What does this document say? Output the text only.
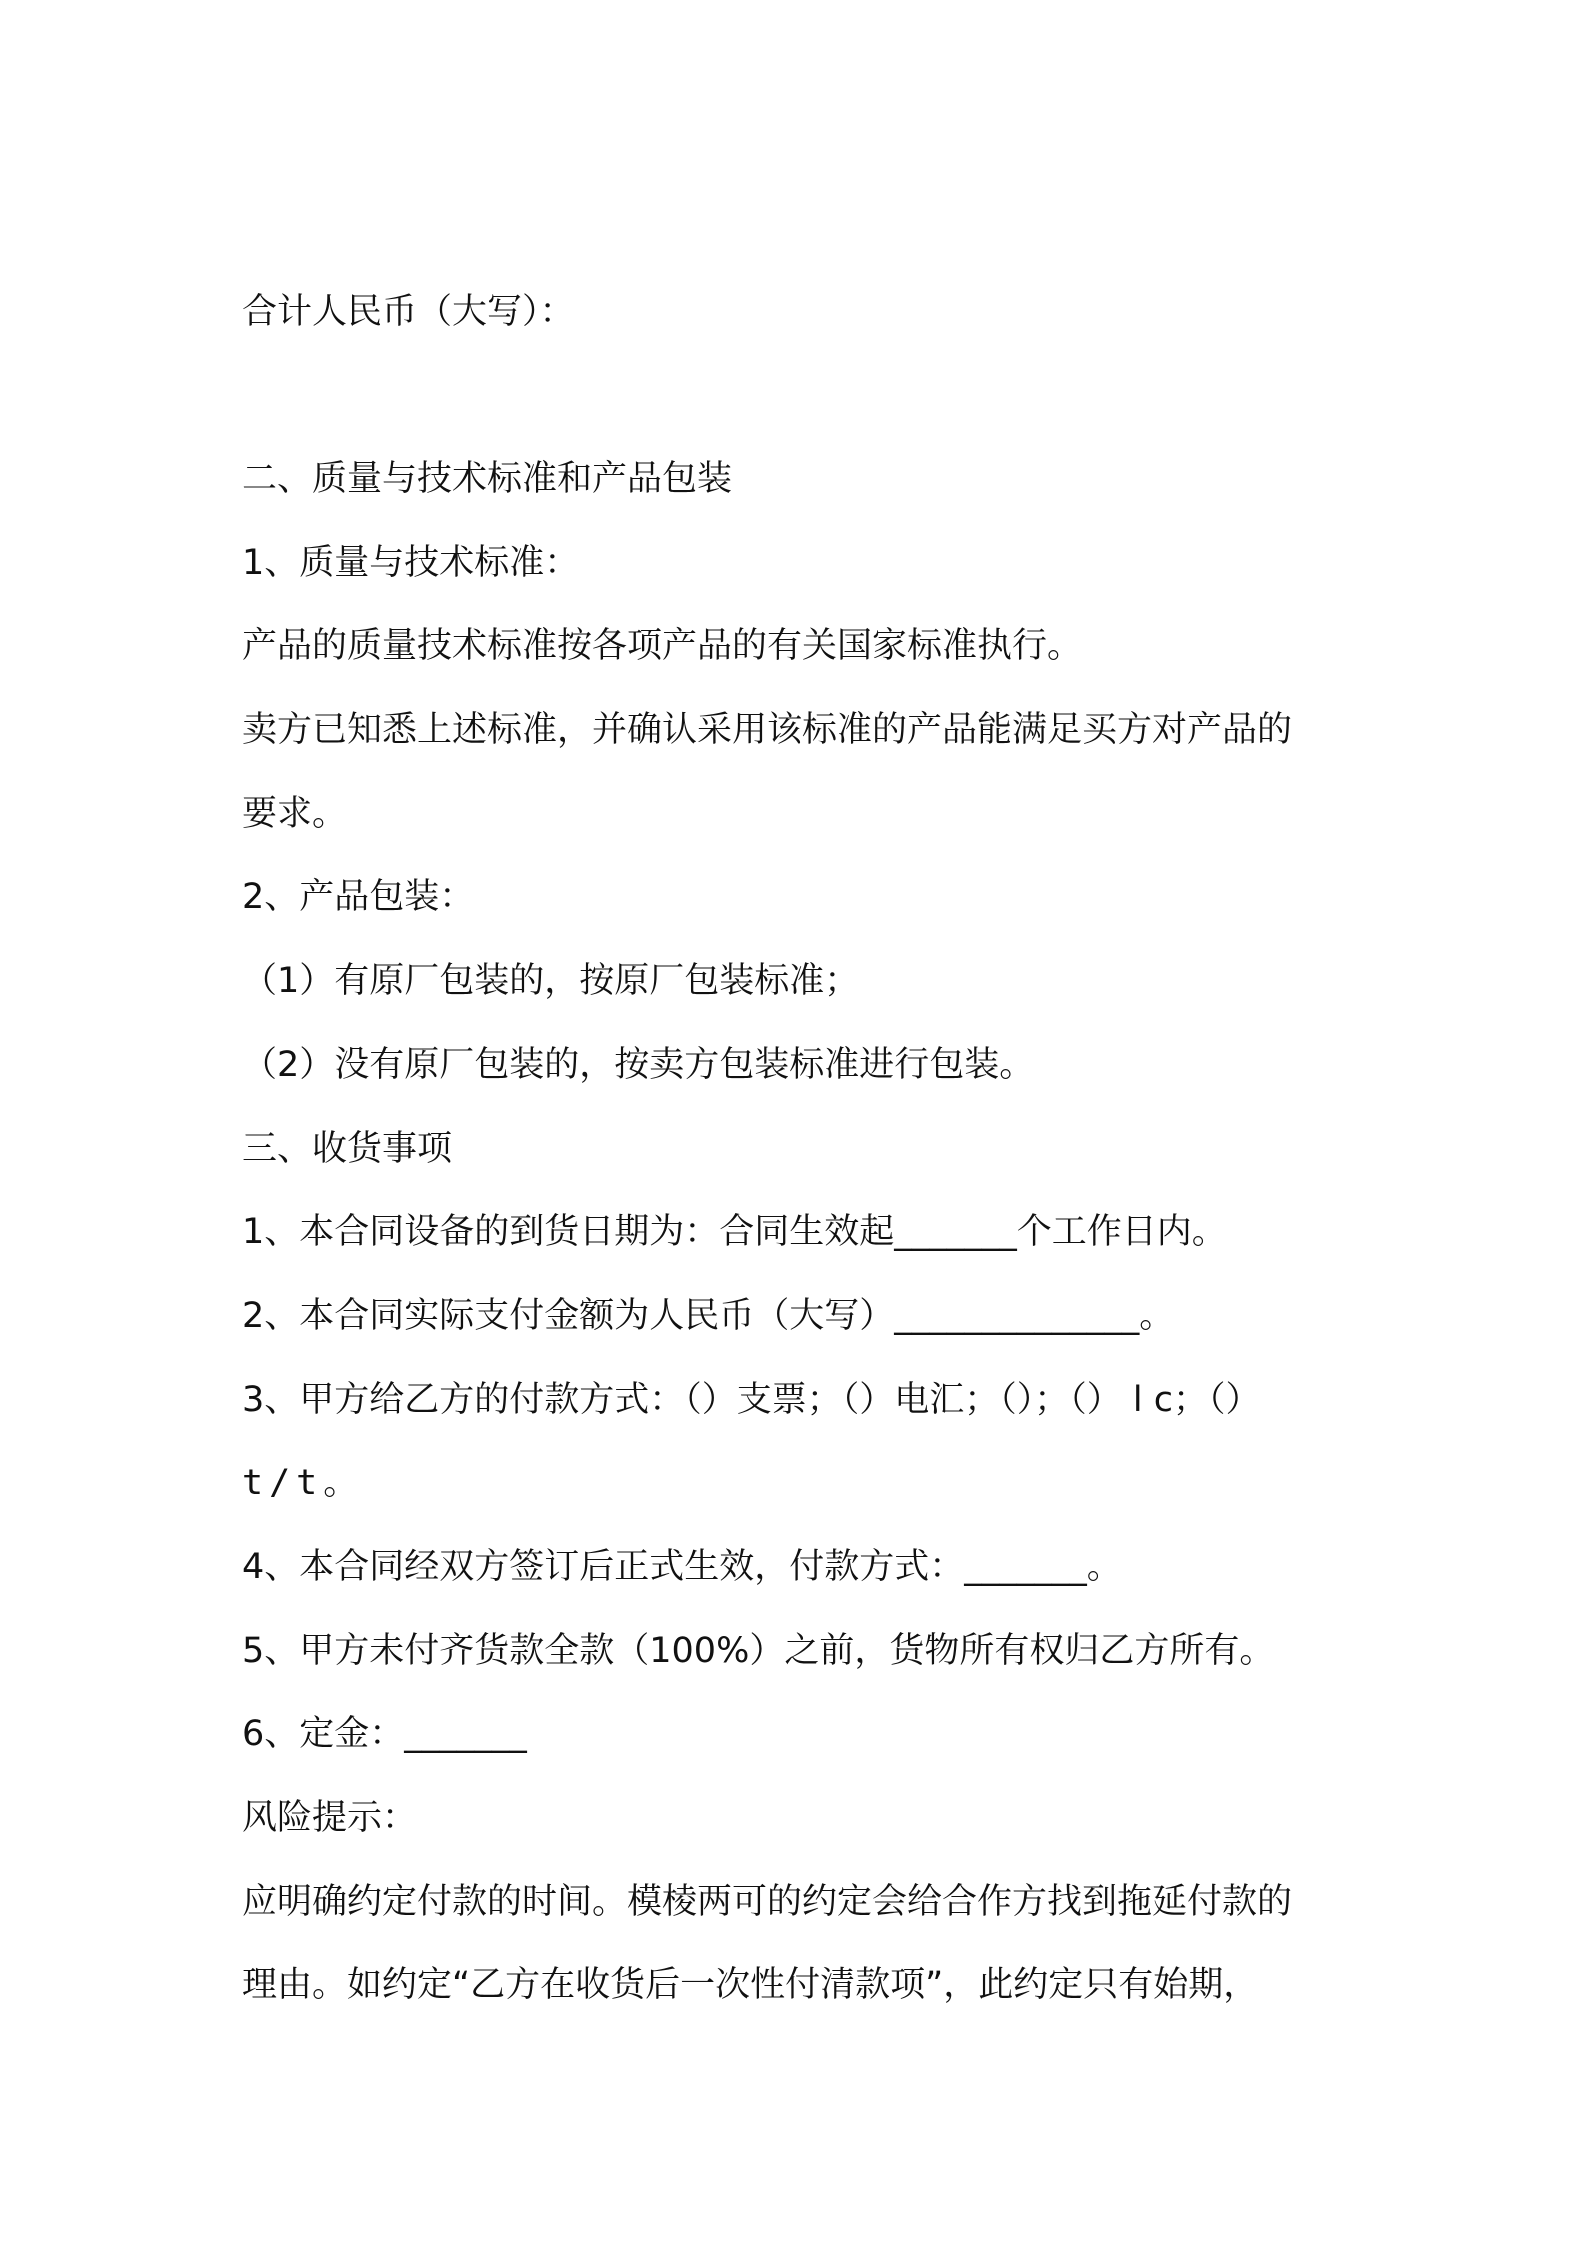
合计人民币（大写）：
二、质量与技术标准和产品包装
1、质量与技术标准：
产品的质量技术标准按各项产品的有关国家标准执行。
卖方已知悉上述标准，并确认采用该标准的产品能满足买方对产品的
要求。
2、产品包装：
（1）有原厂包装的，按原厂包装标准；
（2）没有原厂包装的，按卖方包装标准进行包装。
三、收货事项
1、本合同设备的到货日期为：合同生效起_______个工作日内。
2、本合同实际支付金额为人民币（大写）______________。
3、甲方给乙方的付款方式：（）支票；（）电汇；（）；（） l c；（）
t/t。
4、本合同经双方签订后正式生效，付款方式：_______。
5、甲方未付齐货款全款（100%）之前，货物所有权归乙方所有。
6、定金：_______
风险提示：
应明确约定付款的时间。模棱两可的约定会给合作方找到拖延付款的
理由。如约定“乙方在收货后一次性付清款项”，此约定只有始期，
